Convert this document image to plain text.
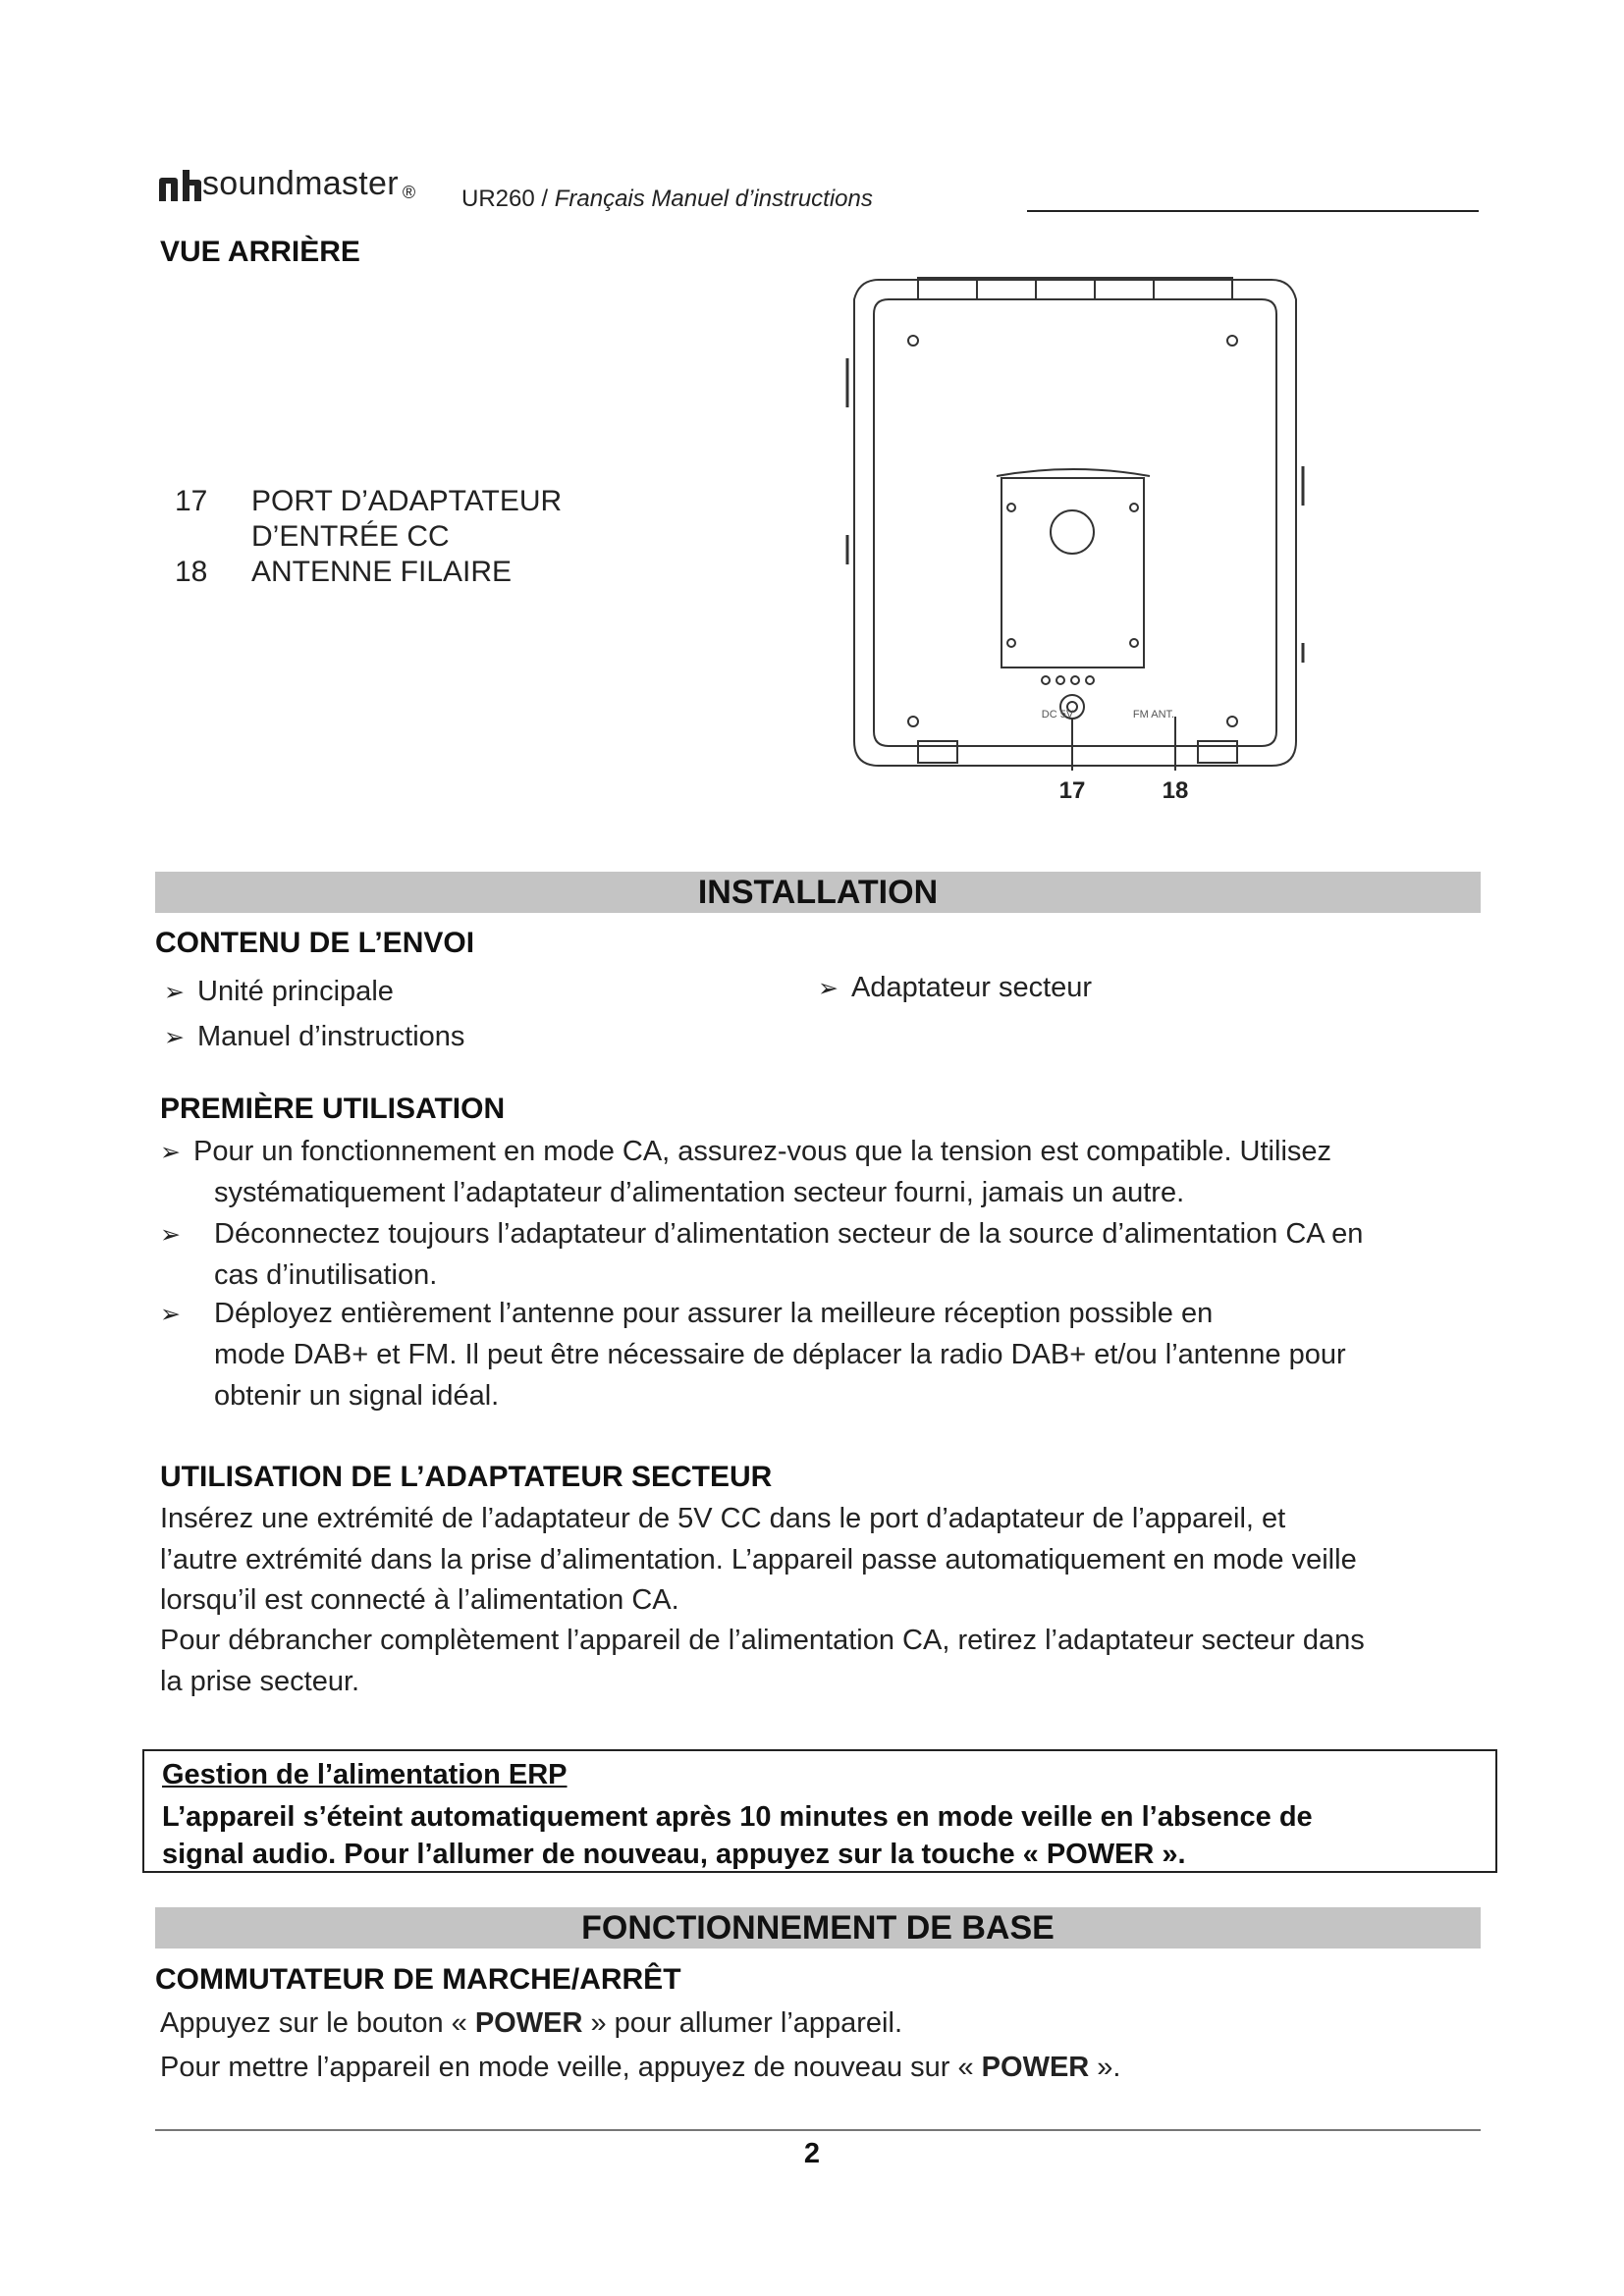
soundmaster ® UR260 / Français Manuel d’instructions
VUE ARRIÈRE
17 PORT D’ADAPTATEUR
D’ENTRÉE CC
18 ANTENNE FILAIRE
DC 5V	FM ANT.
17	18
INSTALLATION
CONTENU DE L’ENVOI
➢ Unité principale
➢ Manuel d’instructions
➢ Adaptateur secteur
PREMIÈRE UTILISATION
➢ Pour un fonctionnement en mode CA, assurez-vous que la tension est compatible. Utilisez
systématiquement l’adaptateur d’alimentation secteur fourni, jamais un autre.
➢ Déconnectez toujours l’adaptateur d’alimentation secteur de la source d’alimentation CA en
cas d’inutilisation.
➢ Déployez entièrement l’antenne pour assurer la meilleure réception possible en
mode DAB+ et FM. Il peut être nécessaire de déplacer la radio DAB+ et/ou l’antenne pour
obtenir un signal idéal.
UTILISATION DE L’ADAPTATEUR SECTEUR
Insérez une extrémité de l’adaptateur de 5V CC dans le port d’adaptateur de l’appareil, et
l’autre extrémité dans la prise d’alimentation. L’appareil passe automatiquement en mode veille
lorsqu’il est connecté à l’alimentation CA.
Pour débrancher complètement l’appareil de l’alimentation CA, retirez l’adaptateur secteur dans
la prise secteur.
Gestion de l’alimentation ERP
L’appareil s’éteint automatiquement après 10 minutes en mode veille en l’absence de
signal audio. Pour l’allumer de nouveau, appuyez sur la touche « POWER ».
FONCTIONNEMENT DE BASE
COMMUTATEUR DE MARCHE/ARRÊT
Appuyez sur le bouton « POWER » pour allumer l’appareil.
Pour mettre l’appareil en mode veille, appuyez de nouveau sur « POWER ».
2
